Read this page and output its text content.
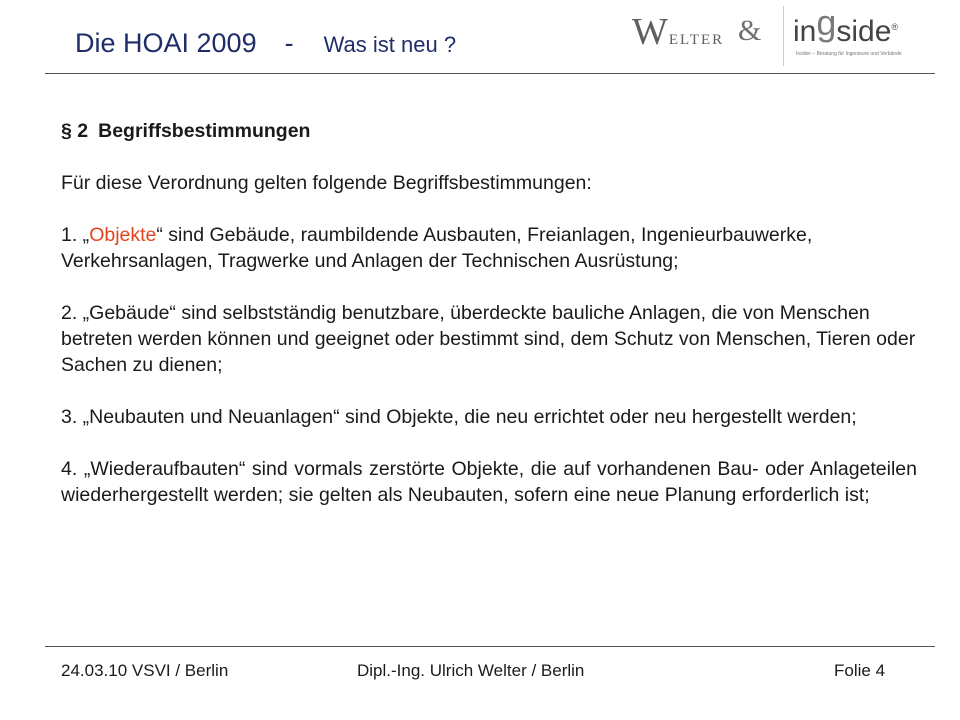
Die HOAI 2009 - Was ist neu ?	WELTER & ingside®
Insider – Beratung für Ingenieure und Verbände

§ 2 Begriffsbestimmungen

Für diese Verordnung gelten folgende Begriffsbestimmungen:

1. „Objekte“ sind Gebäude, raumbildende Ausbauten, Freianlagen, Ingenieurbauwerke, Verkehrsanlagen, Tragwerke und Anlagen der Technischen Ausrüstung;

2. „Gebäude“ sind selbstständig benutzbare, überdeckte bauliche Anlagen, die von Menschen betreten werden können und geeignet oder bestimmt sind, dem Schutz von Menschen, Tieren oder Sachen zu dienen;

3. „Neubauten und Neuanlagen“ sind Objekte, die neu errichtet oder neu hergestellt werden;

4. „Wiederaufbauten“ sind vormals zerstörte Objekte, die auf vorhandenen Bau- oder Anlageteilen wiederhergestellt werden; sie gelten als Neubauten, sofern eine neue Planung erforderlich ist;

24.03.10 VSVI / Berlin	Dipl.-Ing. Ulrich Welter / Berlin	Folie 4
